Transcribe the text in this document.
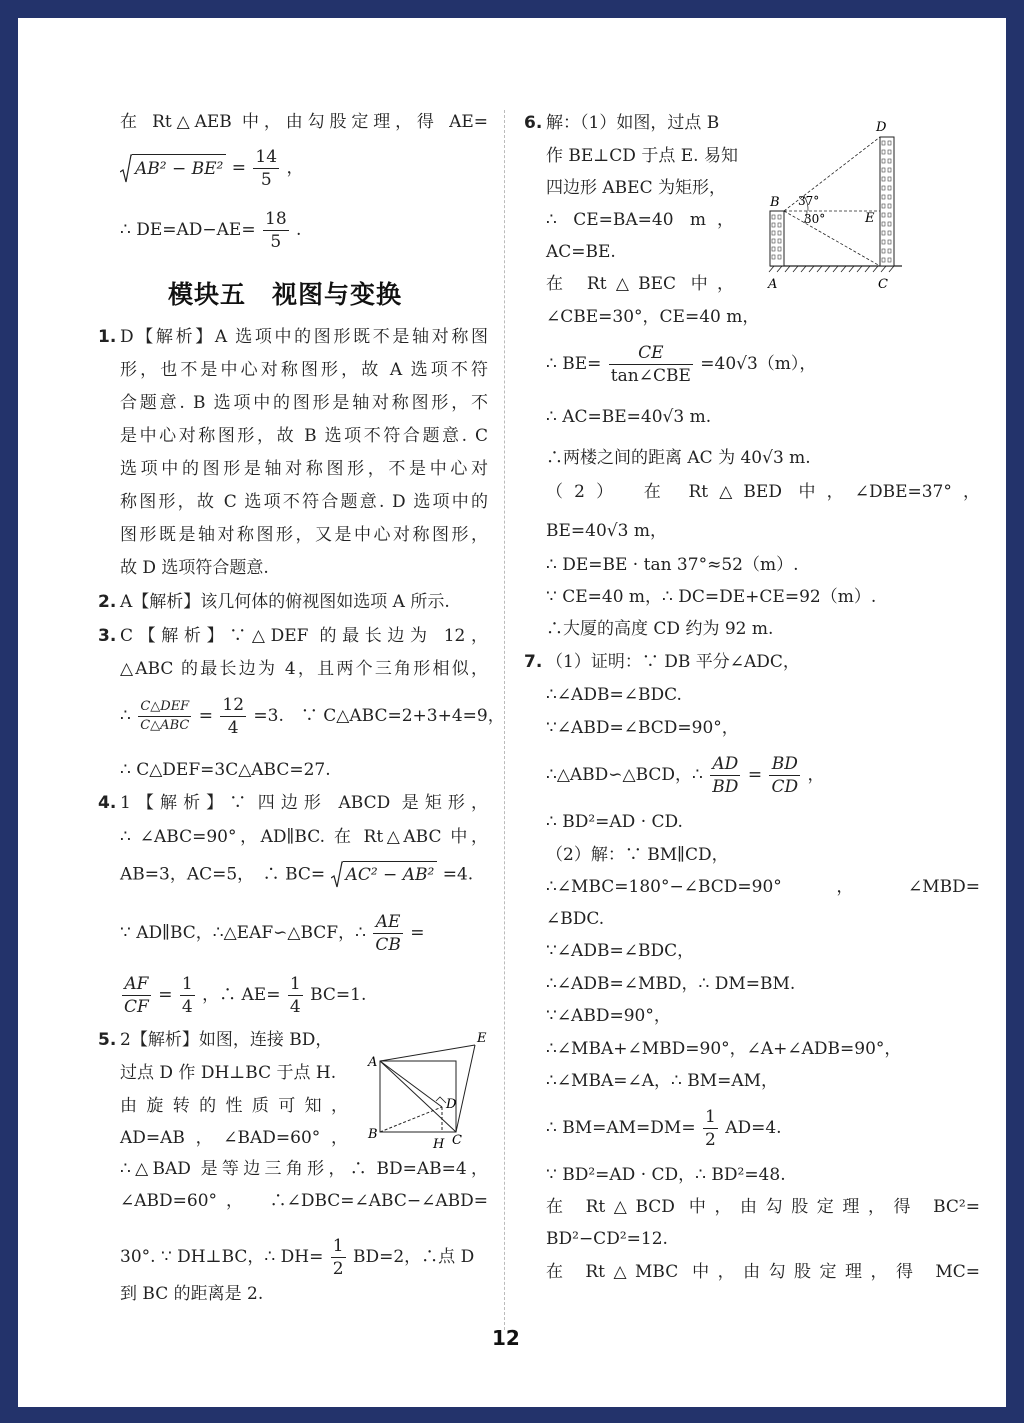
在 Rt△AEB 中，由勾股定理，得 AE=
$AB^2 - BE^2 = \frac{14}{5}$ ，
∴ $DE=AD-AE= \frac{18}{5}$ .
模块五　视图与变换
1. D【解析】A 选项中的图形既不是轴对称图
形，也不是中心对称图形，故 A 选项不符
合题意. B 选项中的图形是轴对称图形，不
是中心对称图形，故 B 选项不符合题意. C
选项中的图形是轴对称图形，不是中心对
称图形，故 C 选项不符合题意. D 选项中的
图形既是轴对称图形，又是中心对称图形，
故 D 选项符合题意.
2. A【解析】该几何体的俯视图如选项 A 所示.
3. C【解析】∵△DEF 的最长边为 12，
△ABC 的最长边为 4，且两个三角形相似，
∴ $\frac{\text{C△DEF}}{\text{C△ABC}} = \frac{12}{4} =3$.　∵ C△ABC=2+3+4=9，
∴ C△DEF=3C△ABC=27.
4. 1【解析】∵ 四边形 ABCD 是矩形，
∴ ∠ABC=90°，AD∥BC. 在 Rt△ABC 中，
AB=3，AC=5，　∴ BC= AC² − AB² =4.
∵ AD∥BC，∴△EAF∽△BCF，∴ $\frac{AE}{CB}$ =
$\frac{AF}{CF} = \frac{1}{4}$ ，∴ $AE= \frac{1}{4} BC=1$.
5. 2【解析】如图，连接 BD，
过点 D 作 DH⊥BC 于点 H.
由旋转的性质可知，
AD=AB，∠BAD=60°，
∴△BAD 是等边三角形，∴ BD=AB=4，
∠ABD=60°，　∴∠DBC=∠ABC−∠ABD=
30°. ∵ DH⊥BC，∴ $DH= \frac{1}{2} BD=2$，∴点 D
到 BC 的距离是 2.
A
B	C
D
E
H
6. 解：（1）如图，过点 B
作 BE⊥CD 于点 E. 易知
四边形 ABEC 为矩形，
∴ CE=BA=40 m，
AC=BE.
在 Rt△BEC 中，
∠CBE=30°，CE=40 m，
∴ $BE= \frac{CE}{\text{tan∠CBE}} =40√3(m)$，
∴ AC=BE=40√3 m.
∴两楼之间的距离 AC 为 40√3 m.
（2）　在 Rt△BED 中，∠DBE=37°，
BE=40√3 m，
∴ DE=BE · tan 37°≈52（m）.
∵ CE=40 m，∴ DC=DE+CE=92（m）.
∴大厦的高度 CD 约为 92 m.
D
B
E
A	C
37°
30°
7. （1）证明：∵ DB 平分∠ADC，
∴∠ADB=∠BDC.
∵∠ABD=∠BCD=90°，
∴△ABD∽△BCD，∴ $\frac{AD}{BD} = \frac{BD}{CD}$ ，
∴ BD²=AD · CD.
（2）解：∵ BM∥CD，
∴∠MBC=180°−∠BCD=90°，∠MBD=
∠BDC.
∵∠ADB=∠BDC，
∴∠ADB=∠MBD，∴ DM=BM.
∵∠ABD=90°，
∴∠MBA+∠MBD=90°，∠A+∠ADB=90°，
∴∠MBA=∠A，∴ BM=AM，
∴ $BM=AM=DM= \frac{1}{2} AD=4$.
∵ BD²=AD · CD，∴ BD²=48.
在 Rt△BCD 中，由勾股定理，得 BC²=
BD²−CD²=12.
在 Rt△MBC 中，由勾股定理，得 MC=
12
